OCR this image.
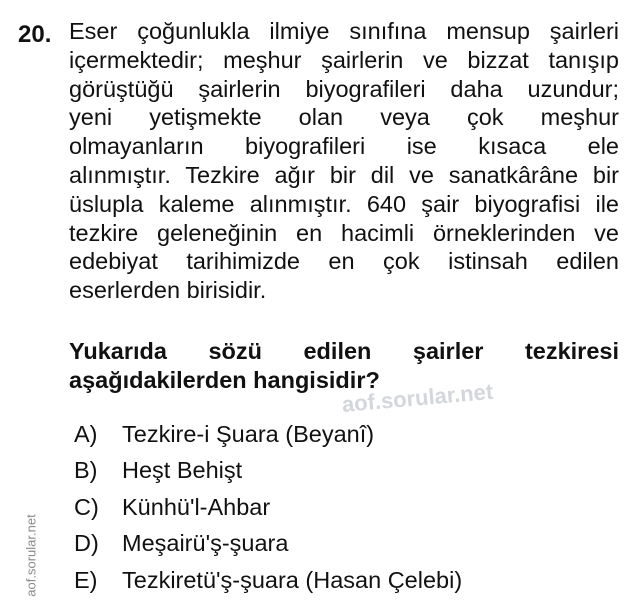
20. Eser çoğunlukla ilmiye sınıfına mensup şairleri
içermektedir; meşhur şairlerin ve bizzat tanışıp
görüştüğü şairlerin biyografileri daha uzundur;
yeni yetişmekte olan veya çok meşhur
olmayanların biyografileri ise kısaca ele
alınmıştır. Tezkire ağır bir dil ve sanatkârâne bir
üslupla kaleme alınmıştır. 640 şair biyografisi ile
tezkire geleneğinin en hacimli örneklerinden ve
edebiyat tarihimizde en çok istinsah edilen
eserlerden birisidir.
Yukarıda sözü edilen şairler tezkiresi
aşağıdakilerden hangisidir?
A)	Tezkire-i Şuara (Beyanî)
B)	Heşt Behişt
C) Künhü'l-Ahbar
D) Meşairü'ş-şuara
E)	Tezkiretü'ş-şuara (Hasan Çelebi)
aof.sorular.net
aof.sorular.net
